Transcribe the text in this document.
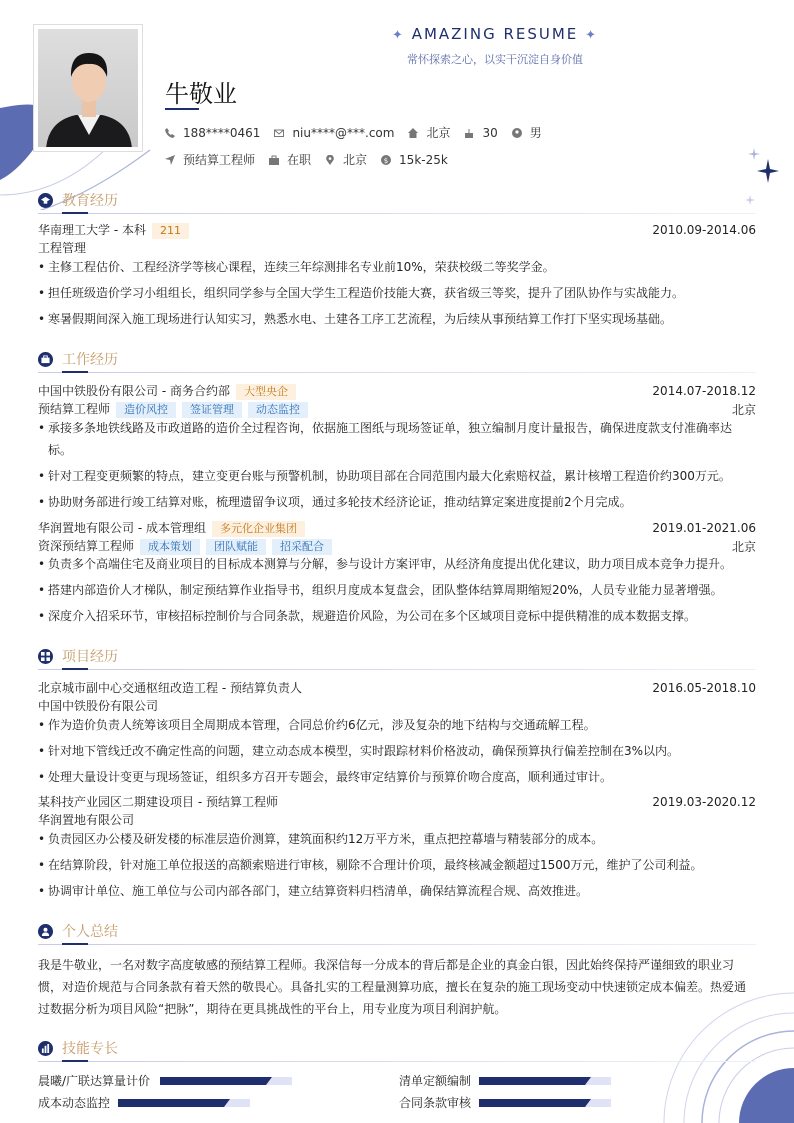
✦ AMAZING RESUME ✦
常怀探索之心，以实干沉淀自身价值
牛敬业
188****0461	niu****@***.com	北京	30	男
预结算工程师	在职	北京 $ 15k-25k
教育经历
华南理工大学 - 本科 211	2010.09-2014.06
工程管理
• 主修工程估价、工程经济学等核心课程，连续三年综测排名专业前10%，荣获校级二等奖学金。
• 担任班级造价学习小组组长，组织同学参与全国大学生工程造价技能大赛，获省级三等奖，提升了团队协作与实战能力。
• 寒暑假期间深入施工现场进行认知实习，熟悉水电、土建各工序工艺流程，为后续从事预结算工作打下坚实现场基础。
工作经历
中国中铁股份有限公司 - 商务合约部 大型央企	2014.07-2018.12
预结算工程师 造价风控 签证管理 动态监控	北京
• 承接多条地铁线路及市政道路的造价全过程咨询，依据施工图纸与现场签证单，独立编制月度计量报告，确保进度款支付准确率达
标。
• 针对工程变更频繁的特点，建立变更台账与预警机制，协助项目部在合同范围内最大化索赔权益，累计核增工程造价约300万元。
• 协助财务部进行竣工结算对账，梳理遗留争议项，通过多轮技术经济论证，推动结算定案进度提前2个月完成。
华润置地有限公司 - 成本管理组 多元化企业集团	2019.01-2021.06
资深预结算工程师 成本策划 团队赋能 招采配合	北京
• 负责多个高端住宅及商业项目的目标成本测算与分解，参与设计方案评审，从经济角度提出优化建议，助力项目成本竞争力提升。
• 搭建内部造价人才梯队，制定预结算作业指导书，组织月度成本复盘会，团队整体结算周期缩短20%，人员专业能力显著增强。
• 深度介入招采环节，审核招标控制价与合同条款，规避造价风险，为公司在多个区域项目竞标中提供精准的成本数据支撑。
项目经历
北京城市副中心交通枢纽改造工程 - 预结算负责人	2016.05-2018.10
中国中铁股份有限公司
• 作为造价负责人统筹该项目全周期成本管理，合同总价约6亿元，涉及复杂的地下结构与交通疏解工程。
• 针对地下管线迁改不确定性高的问题，建立动态成本模型，实时跟踪材料价格波动，确保预算执行偏差控制在3%以内。
• 处理大量设计变更与现场签证，组织多方召开专题会，最终审定结算价与预算价吻合度高，顺利通过审计。
某科技产业园区二期建设项目 - 预结算工程师	2019.03-2020.12
华润置地有限公司
• 负责园区办公楼及研发楼的标准层造价测算，建筑面积约12万平方米，重点把控幕墙与精装部分的成本。
• 在结算阶段，针对施工单位报送的高额索赔进行审核，剔除不合理计价项，最终核减金额超过1500万元，维护了公司利益。
• 协调审计单位、施工单位与公司内部各部门，建立结算资料归档清单，确保结算流程合规、高效推进。
个人总结
我是牛敬业，一名对数字高度敏感的预结算工程师。我深信每一分成本的背后都是企业的真金白银，因此始终保持严谨细致的职业习
惯，对造价规范与合同条款有着天然的敬畏心。具备扎实的工程量测算功底，擅长在复杂的施工现场变动中快速锁定成本偏差。热爱通
过数据分析为项目风险“把脉”，期待在更具挑战性的平台上，用专业度为项目利润护航。
技能专长
晨曦/广联达算量计价	清单定额编制
成本动态监控	合同条款审核
